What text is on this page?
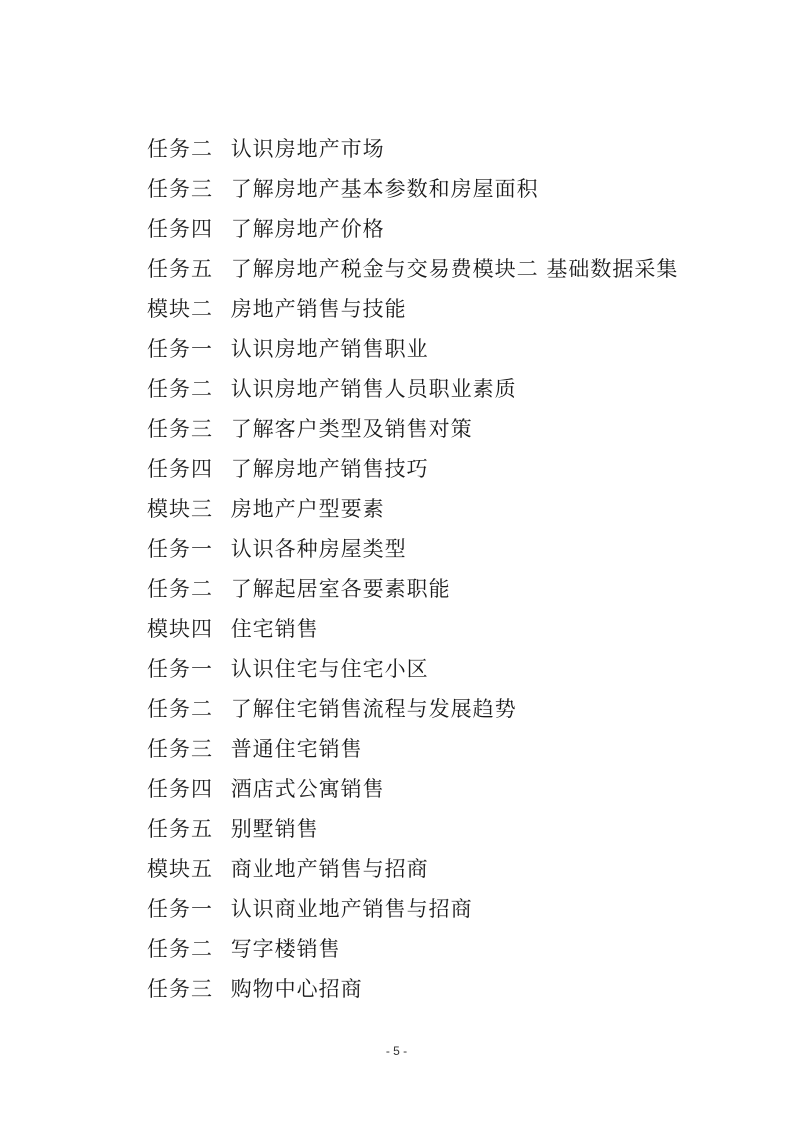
任务二 认识房地产市场
任务三 了解房地产基本参数和房屋面积
任务四 了解房地产价格
任务五 了解房地产税金与交易费模块二 基础数据采集
模块二 房地产销售与技能
任务一 认识房地产销售职业
任务二 认识房地产销售人员职业素质
任务三 了解客户类型及销售对策
任务四 了解房地产销售技巧
模块三 房地产户型要素
任务一 认识各种房屋类型
任务二 了解起居室各要素职能
模块四 住宅销售
任务一 认识住宅与住宅小区
任务二 了解住宅销售流程与发展趋势
任务三 普通住宅销售
任务四 酒店式公寓销售
任务五 别墅销售
模块五 商业地产销售与招商
任务一 认识商业地产销售与招商
任务二 写字楼销售
任务三 购物中心招商
- 5 -
